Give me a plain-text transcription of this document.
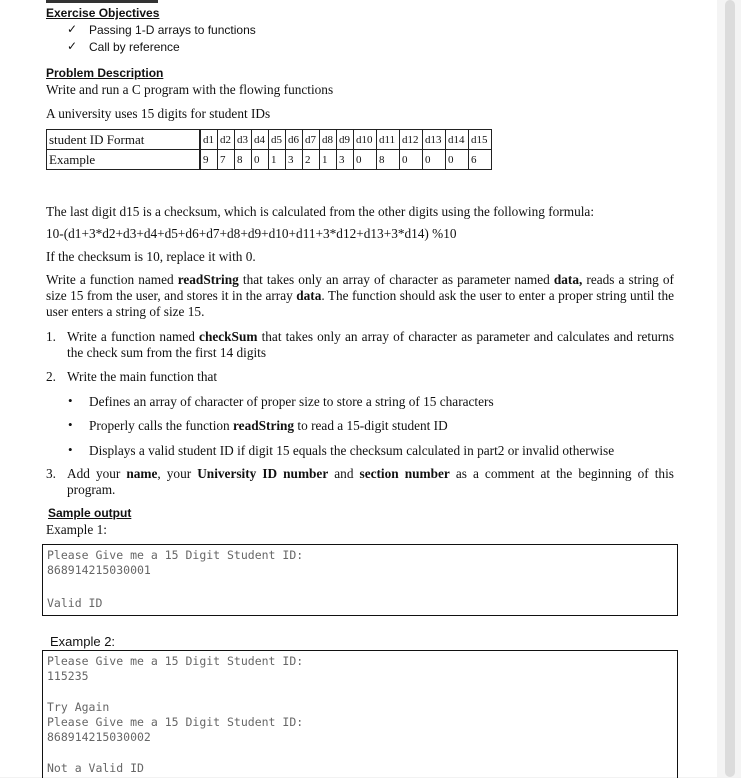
Exercise Objectives
✓ Passing 1-D arrays to functions
✓ Call by reference
Problem Description
Write and run a C program with the flowing functions
A university uses 15 digits for student IDs
student ID Format		d1	d2	d3	d4	d5	d6	d7	d8	d9	d10	d11	d12	d13	d14	d15
Example		9	7	8	0	1	3	2	1	3	0	8	0	0	0	6
The last digit d15 is a checksum, which is calculated from the other digits using the following formula:
10-(d1+3*d2+d3+d4+d5+d6+d7+d8+d9+d10+d11+3*d12+d13+3*d14) %10
If the checksum is 10, replace it with 0.
Write a function named readString that takes only an array of character as parameter named data, reads a string of size 15 from the user, and stores it in the array data. The function should ask the user to enter a proper string until the user enters a string of size 15.
1. Write a function named checkSum that takes only an array of character as parameter and calculates and returns the check sum from the first 14 digits
2. Write the main function that
• Defines an array of character of proper size to store a string of 15 characters
• Properly calls the function readString to read a 15-digit student ID
• Displays a valid student ID if digit 15 equals the checksum calculated in part2 or invalid otherwise
3. Add your name, your University ID number and section number as a comment at the beginning of this program.
Sample output
Example 1:
Please Give me a 15 Digit Student ID:
868914215030001
Valid ID
Example 2:
Please Give me a 15 Digit Student ID:
115235
Try Again
Please Give me a 15 Digit Student ID:
868914215030002
Not a Valid ID
